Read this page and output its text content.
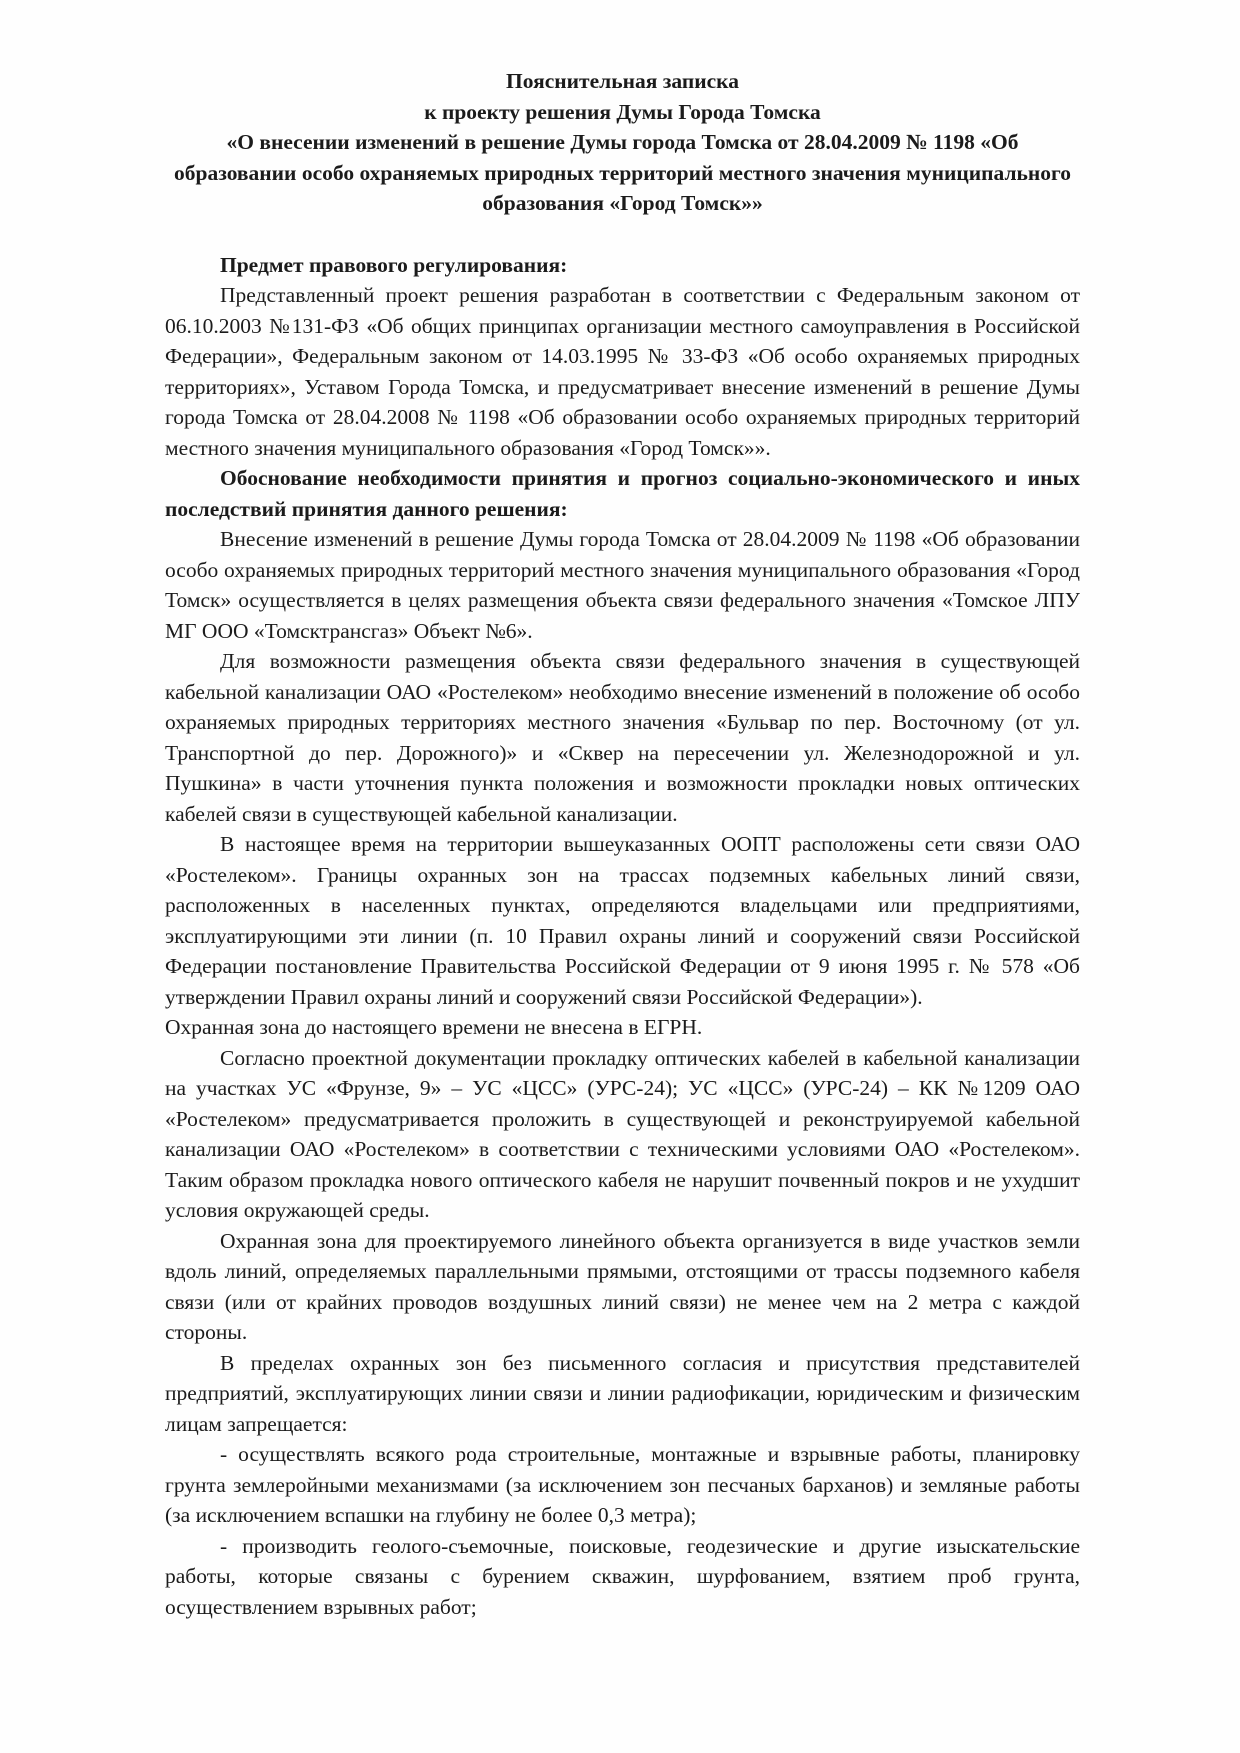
Пояснительная записка
к проекту решения Думы Города Томска
«О внесении изменений в решение Думы города Томска от 28.04.2009 № 1198 «Об образовании особо охраняемых природных территорий местного значения муниципального образования «Город Томск»»

Предмет правового регулирования:

Представленный проект решения разработан в соответствии с Федеральным законом от 06.10.2003 №131-ФЗ «Об общих принципах организации местного самоуправления в Российской Федерации», Федеральным законом от 14.03.1995 № 33-ФЗ «Об особо охраняемых природных территориях», Уставом Города Томска, и предусматривает внесение изменений в решение Думы города Томска от 28.04.2008 № 1198 «Об образовании особо охраняемых природных территорий местного значения муниципального образования «Город Томск»».

Обоснование необходимости принятия и прогноз социально-экономического и иных последствий принятия данного решения:

Внесение изменений в решение Думы города Томска от 28.04.2009 № 1198 «Об образовании особо охраняемых природных территорий местного значения муниципального образования «Город Томск» осуществляется в целях размещения объекта связи федерального значения «Томское ЛПУ МГ ООО «Томсктрансгаз» Объект №6».

Для возможности размещения объекта связи федерального значения в существующей кабельной канализации ОАО «Ростелеком» необходимо внесение изменений в положение об особо охраняемых природных территориях местного значения «Бульвар по пер. Восточному (от ул. Транспортной до пер. Дорожного)» и «Сквер на пересечении ул. Железнодорожной и ул. Пушкина» в части уточнения пункта положения и возможности прокладки новых оптических кабелей связи в существующей кабельной канализации.

В настоящее время на территории вышеуказанных ООПТ расположены сети связи ОАО «Ростелеком». Границы охранных зон на трассах подземных кабельных линий связи, расположенных в населенных пунктах, определяются владельцами или предприятиями, эксплуатирующими эти линии (п. 10 Правил охраны линий и сооружений связи Российской Федерации постановление Правительства Российской Федерации от 9 июня 1995 г. № 578 «Об утверждении Правил охраны линий и сооружений связи Российской Федерации»).

Охранная зона до настоящего времени не внесена в ЕГРН.

Согласно проектной документации прокладку оптических кабелей в кабельной канализации на участках УС «Фрунзе, 9» – УС «ЦСС» (УРС-24); УС «ЦСС» (УРС-24) – КК №1209 ОАО «Ростелеком» предусматривается проложить в существующей и реконструируемой кабельной канализации ОАО «Ростелеком» в соответствии с техническими условиями ОАО «Ростелеком». Таким образом прокладка нового оптического кабеля не нарушит почвенный покров и не ухудшит условия окружающей среды.

Охранная зона для проектируемого линейного объекта организуется в виде участков земли вдоль линий, определяемых параллельными прямыми, отстоящими от трассы подземного кабеля связи (или от крайних проводов воздушных линий связи) не менее чем на 2 метра с каждой стороны.

В пределах охранных зон без письменного согласия и присутствия представителей предприятий, эксплуатирующих линии связи и линии радиофикации, юридическим и физическим лицам запрещается:

- осуществлять всякого рода строительные, монтажные и взрывные работы, планировку грунта землеройными механизмами (за исключением зон песчаных барханов) и земляные работы (за исключением вспашки на глубину не более 0,3 метра);

- производить геолого-съемочные, поисковые, геодезические и другие изыскательские работы, которые связаны с бурением скважин, шурфованием, взятием проб грунта, осуществлением взрывных работ;
